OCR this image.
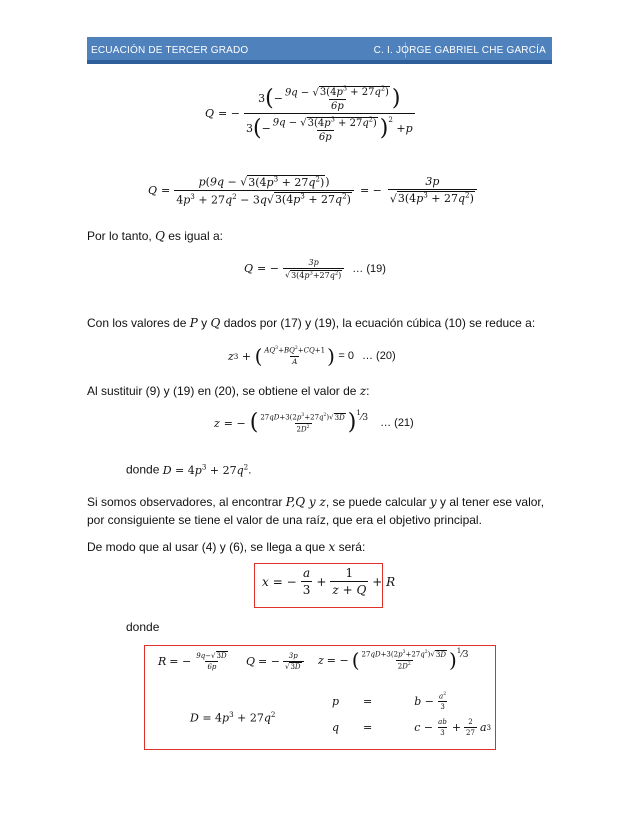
ECUACIÓN DE TERCER GRADO	C. I. JORGE GABRIEL CHE GARCÍA
Q = − 3 ( − $\frac{9q - √3(4p^3 + 27q^2)}{6p}$ )
3 ( − $\frac{9q - √3(4p^3 + 27q^2)}{6p} )^2$
+ p
$Q = \frac{p(9q - √3(4p^3 + 27q^2))}{4p^3 + 27q^2 - 3q√3(4p^3 + 27q^2)}$ = − $\frac{3p}{√3(4p^3 + 27q^2)}$
Por lo tanto, Q es igual a:
Q = − $\frac{3p}{√3(4p^3+27q^2)}$ … (19)
Con los valores de P y Q dados por (17) y (19), la ecuación cúbica (10) se reduce a:
z 3 + ( $\frac{AQ^3+BQ^2+CQ+1}{A}$ )
= 0 … (20)
Al sustituir (9) y (19) en (20), se obtiene el valor de z:
z = − ( $\frac{27qD+3(2p^3+27q^2)√3D}{2D^2} )^1$
⁄3 … (21)
donde $D = 4p^3 + 27q^2$.
Si somos observadores, al encontrar P,Q y z, se puede calcular y y al tener ese valor,
por consiguiente se tiene el valor de una raíz, que era el objetivo principal.
De modo que al usar (4) y (6), se llega a que x será:
x = − $\frac{a}{3} + \frac{1}{z + Q} + R$
donde
R = − $\frac{9q-√3D}{6p}$ Q = − $\frac{3p}{√3D}$ z = − ( $\frac{27qD+3(2p^3+27q^2)√3D}{2D^2} )^1$ ⁄3
$D = 4p^3 + 27q^2$
p =	$b - \frac{a^2}{3}$
q =	$c - \frac{ab}{3} + \frac{2}{27}$ a 3
